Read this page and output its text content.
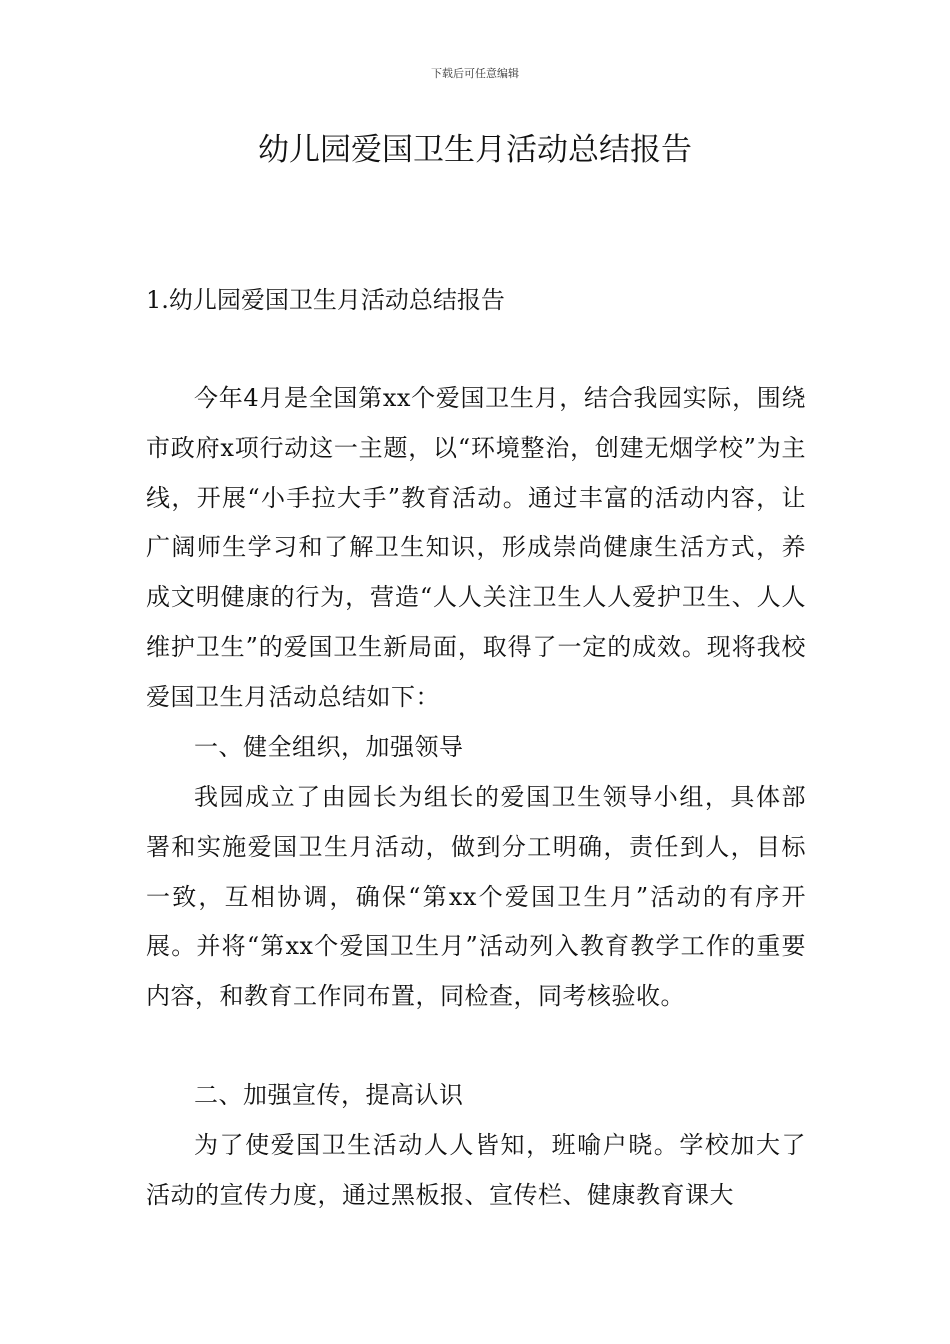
下载后可任意编辑
幼儿园爱国卫生月活动总结报告
1.幼儿园爱国卫生月活动总结报告

今年4月是全国第xx个爱国卫生月，结合我园实际，围绕市政府x项行动这一主题，以“环境整治，创建无烟学校”为主线，开展“小手拉大手”教育活动。通过丰富的活动内容，让广阔师生学习和了解卫生知识，形成崇尚健康生活方式，养成文明健康的行为，营造“人人关注卫生人人爱护卫生、人人维护卫生”的爱国卫生新局面，取得了一定的成效。现将我校爱国卫生月活动总结如下：

一、健全组织，加强领导

我园成立了由园长为组长的爱国卫生领导小组，具体部署和实施爱国卫生月活动，做到分工明确，责任到人，目标一致，互相协调，确保“第xx个爱国卫生月”活动的有序开展。并将“第xx个爱国卫生月”活动列入教育教学工作的重要内容，和教育工作同布置，同检查，同考核验收。

二、加强宣传，提高认识

为了使爱国卫生活动人人皆知，班喻户晓。学校加大了活动的宣传力度，通过黑板报、宣传栏、健康教育课大
